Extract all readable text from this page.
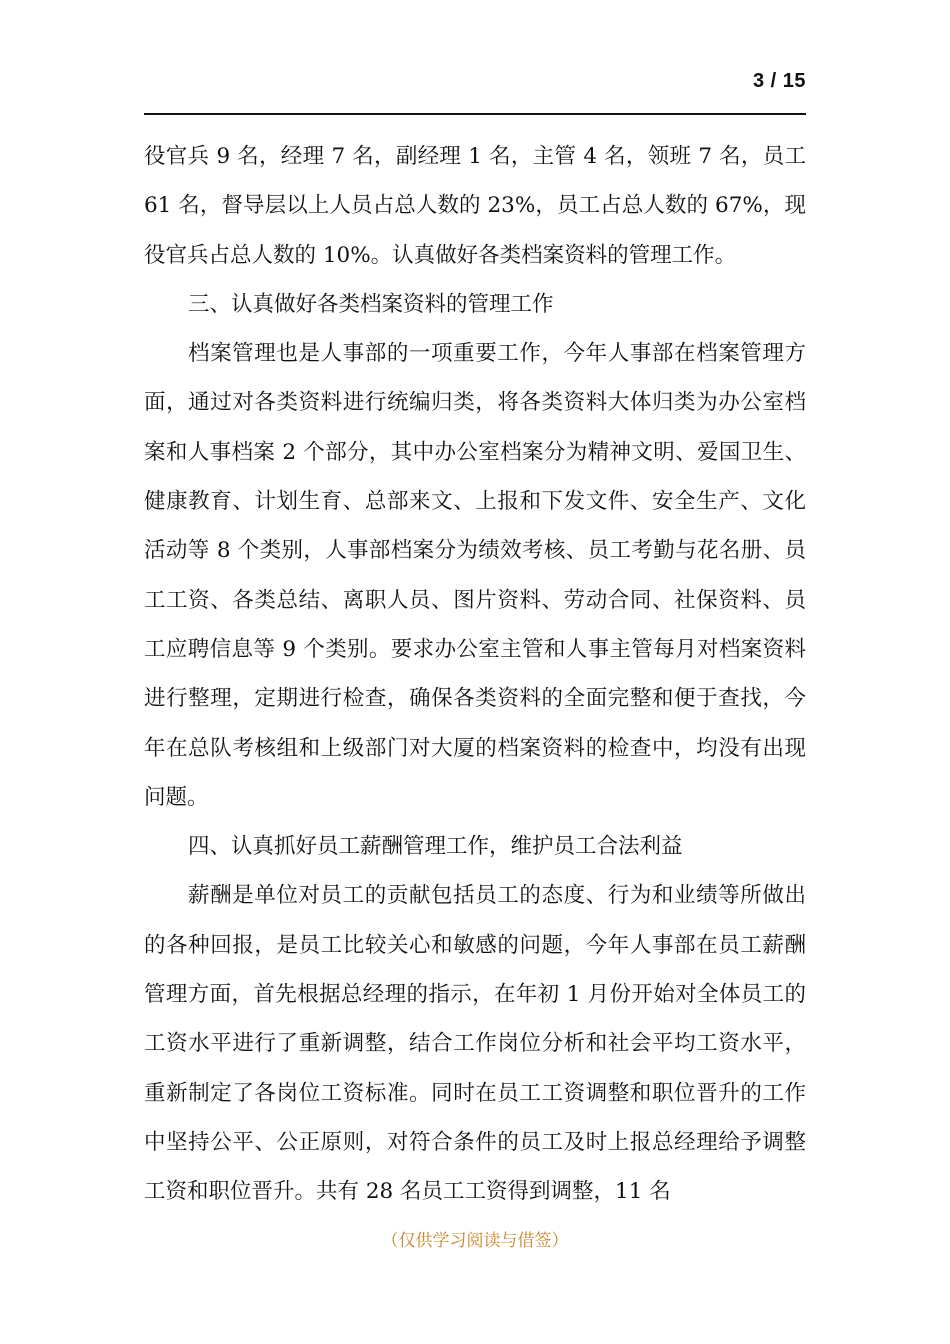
3 / 15

役官兵 9 名，经理 7 名，副经理 1 名，主管 4 名，领班 7 名，员工 61 名，督导层以上人员占总人数的 23%，员工占总人数的 67%，现役官兵占总人数的 10%。认真做好各类档案资料的管理工作。

三、认真做好各类档案资料的管理工作

档案管理也是人事部的一项重要工作，今年人事部在档案管理方面，通过对各类资料进行统编归类，将各类资料大体归类为办公室档案和人事档案 2 个部分，其中办公室档案分为精神文明、爱国卫生、健康教育、计划生育、总部来文、上报和下发文件、安全生产、文化活动等 8 个类别，人事部档案分为绩效考核、员工考勤与花名册、员工工资、各类总结、离职人员、图片资料、劳动合同、社保资料、员工应聘信息等 9 个类别。要求办公室主管和人事主管每月对档案资料进行整理，定期进行检查，确保各类资料的全面完整和便于查找，今年在总队考核组和上级部门对大厦的档案资料的检查中，均没有出现问题。

四、认真抓好员工薪酬管理工作，维护员工合法利益

薪酬是单位对员工的贡献包括员工的态度、行为和业绩等所做出的各种回报，是员工比较关心和敏感的问题，今年人事部在员工薪酬管理方面，首先根据总经理的指示，在年初 1 月份开始对全体员工的工资水平进行了重新调整，结合工作岗位分析和社会平均工资水平，重新制定了各岗位工资标准。同时在员工工资调整和职位晋升的工作中坚持公平、公正原则，对符合条件的员工及时上报总经理给予调整工资和职位晋升。共有 28 名员工工资得到调整，11 名

（仅供学习阅读与借签）
